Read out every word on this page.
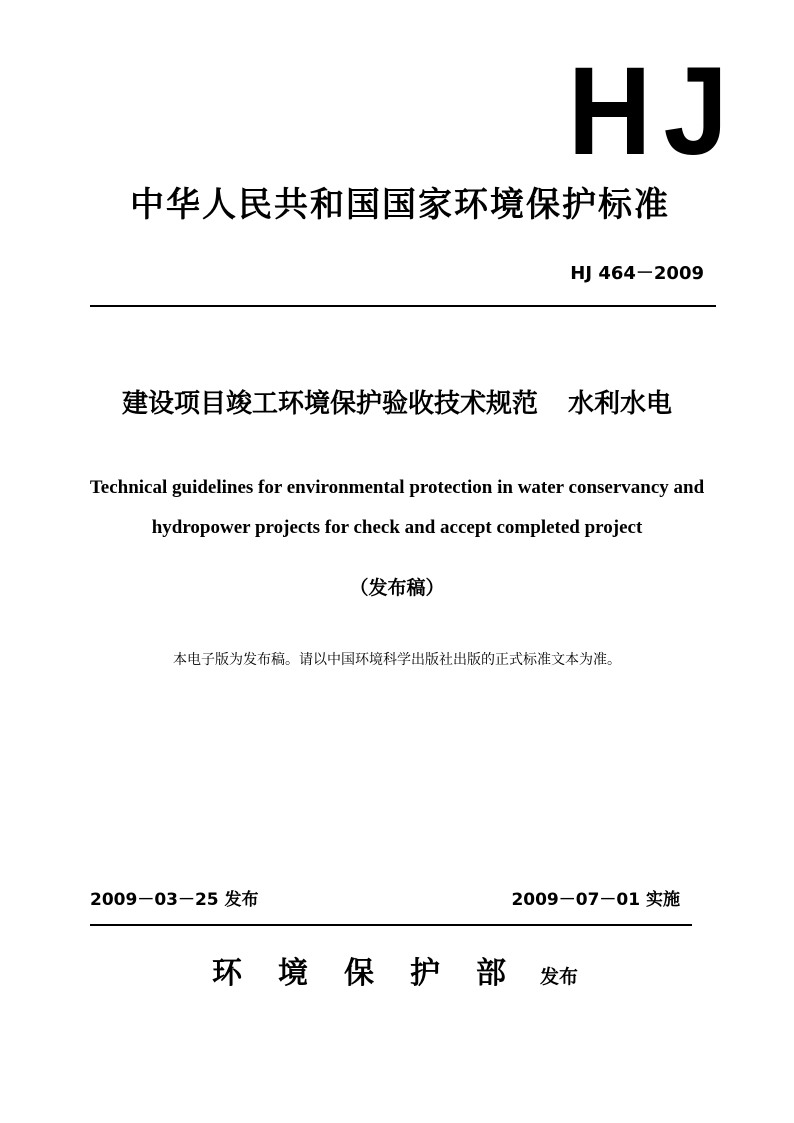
HJ
中华人民共和国国家环境保护标准
HJ 464－2009
建设项目竣工环境保护验收技术规范 水利水电
Technical guidelines for environmental protection in water conservancy and
hydropower projects for check and accept completed project
（发布稿）
本电子版为发布稿。请以中国环境科学出版社出版的正式标准文本为准。
2009－03－25 发布	2009－07－01 实施
环境保护部
发布
